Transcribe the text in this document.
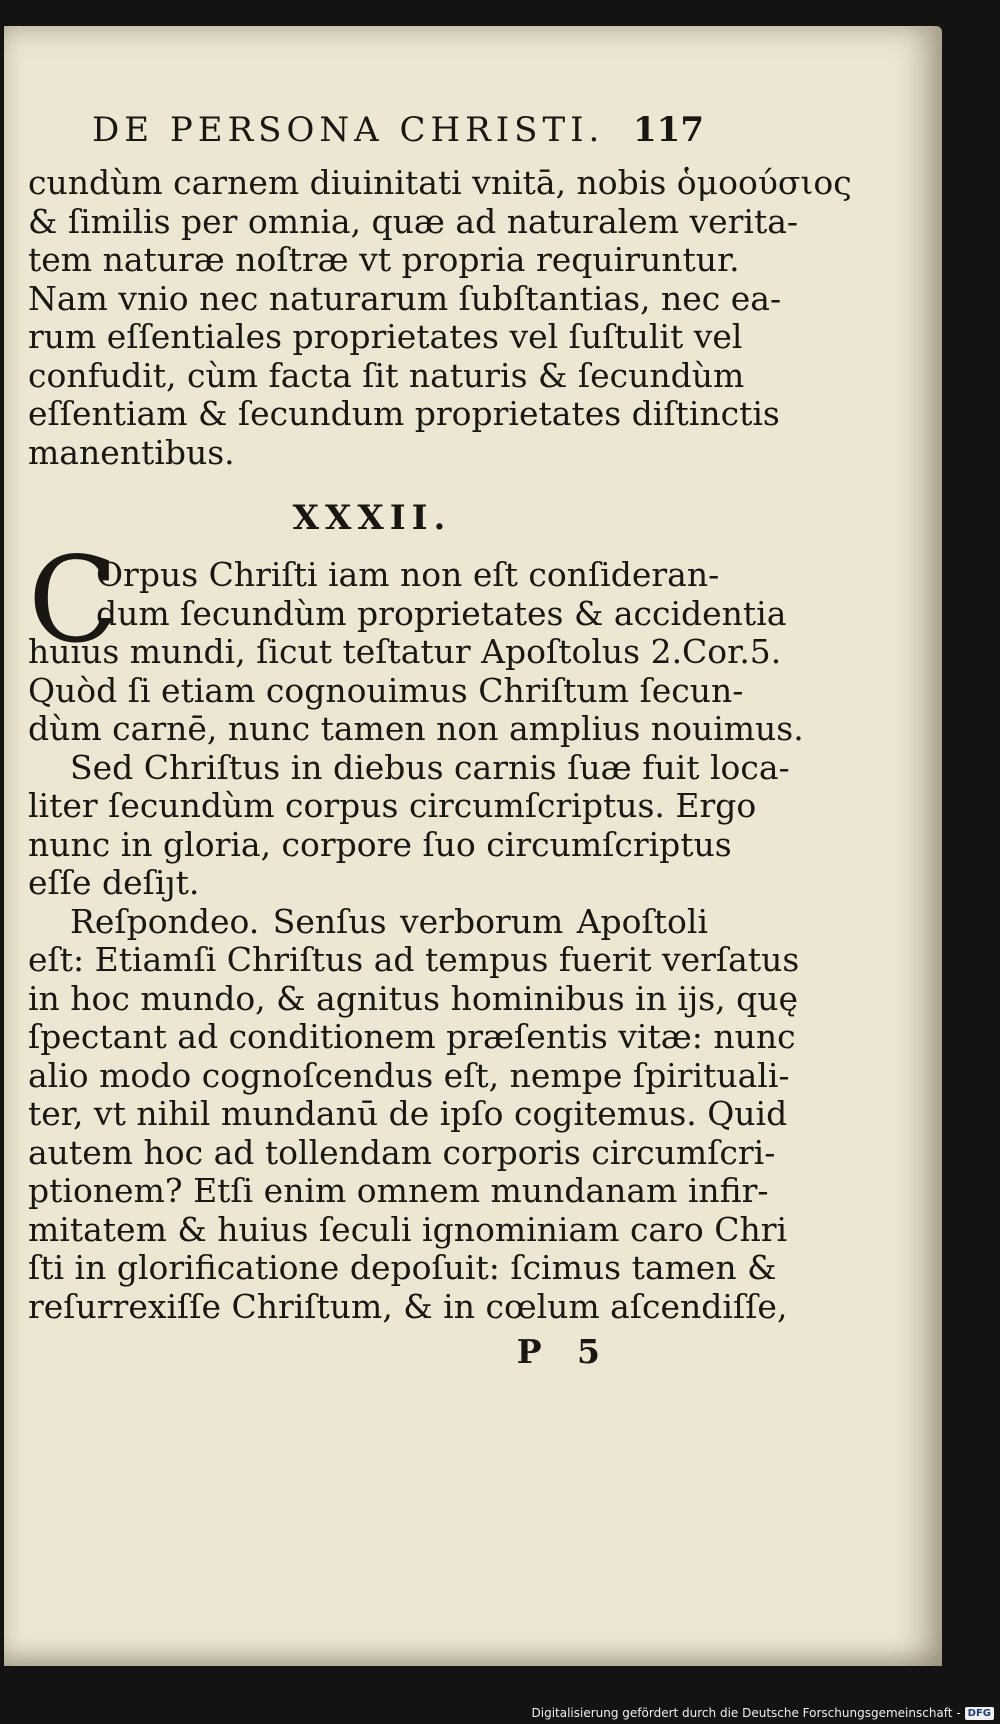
DE PERSONA CHRISTI. 117
cundùm carnem diuinitati vnitā, nobis ὁμοούσιος
& ſimilis per omnia, quæ ad naturalem verita-
tem naturæ noſtræ vt propria requiruntur.
Nam vnio nec naturarum ſubſtantias, nec ea-
rum eſſentiales proprietates vel ſuſtulit vel
confudit, cùm facta ſit naturis & ſecundùm
eſſentiam & ſecundum proprietates diſtinctis
manentibus.
XXXII.
C
Orpus Chriſti iam non eſt conſideran-
dum ſecundùm proprietates & accidentia
huius mundi, ſicut teſtatur Apoſtolus 2.Cor.5.
Quòd ſi etiam cognouimus Chriſtum ſecun-
dùm carnē, nunc tamen non amplius nouimus.
Sed Chriſtus in diebus carnis ſuæ fuit loca-
liter ſecundùm corpus circumſcriptus. Ergo
nunc in gloria, corpore ſuo circumſcriptus
eſſe deſiȷt.
Reſpondeo. Senſus verborum Apoſtoli
eſt: Etiamſi Chriſtus ad tempus fuerit verſatus
in hoc mundo, & agnitus hominibus in ijs, quę
ſpectant ad conditionem præſentis vitæ: nunc
alio modo cognoſcendus eſt, nempe ſpirituali-
ter, vt nihil mundanū de ipſo cogitemus. Quid
autem hoc ad tollendam corporis circumſcri-
ptionem? Etſi enim omnem mundanam infir-
mitatem & huius ſeculi ignominiam caro Chri
ſti in glorificatione depoſuit: ſcimus tamen &
reſurrexiſſe Chriſtum, & in cœlum aſcendiſſe,
P 5
Digitalisierung gefördert durch die Deutsche Forschungsgemeinschaft - DFG
